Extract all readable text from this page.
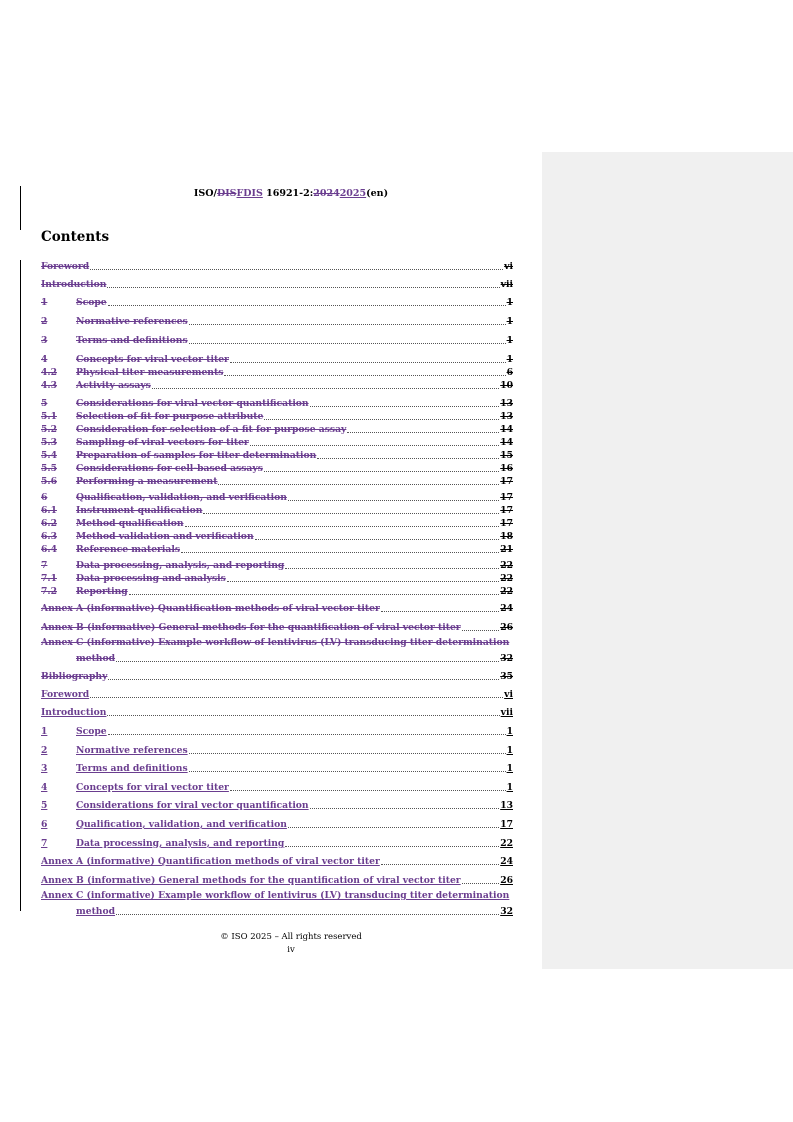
ISO/DISFDIS 16921-2:20242025(en)
Contents
Foreword	vi
Introduction	vii
1	Scope	1
2	Normative references	1
3	Terms and definitions	1
4	Concepts for viral vector titer	1
4.2	Physical titer measurements	6
4.3	Activity assays	10
5	Considerations for viral vector quantification	13
5.1	Selection of fit for purpose attribute	13
5.2	Consideration for selection of a fit for purpose assay	14
5.3	Sampling of viral vectors for titer	14
5.4	Preparation of samples for titer determination	15
5.5	Considerations for cell-based assays	16
5.6	Performing a measurement	17
6	Qualification, validation, and verification	17
6.1	Instrument qualification	17
6.2	Method qualification	17
6.3	Method validation and verification	18
6.4	Reference materials	21
7	Data processing, analysis, and reporting	22
7.1	Data processing and analysis	22
7.2	Reporting	22
Annex A (informative) Quantification methods of viral vector titer	24
Annex B (informative) General methods for the quantification of viral vector titer	26
Annex C (informative) Example workflow of lentivirus (LV) transducing titer determination
method	32
Bibliography	35
Foreword	vi
Introduction	vii
1	Scope	1
2	Normative references	1
3	Terms and definitions	1
4	Concepts for viral vector titer	1
5	Considerations for viral vector quantification	13
6	Qualification, validation, and verification	17
7	Data processing, analysis, and reporting	22
Annex A (informative) Quantification methods of viral vector titer	24
Annex B (informative) General methods for the quantification of viral vector titer	26
Annex C (informative) Example workflow of lentivirus (LV) transducing titer determination
method	32
© ISO 2025 – All rights reserved
iv
